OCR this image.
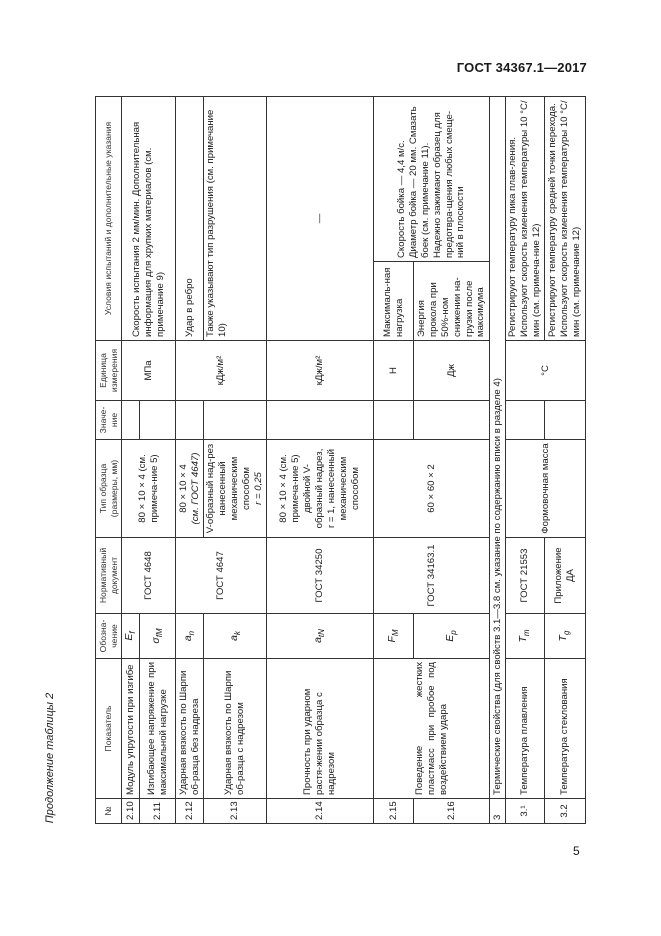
ГОСТ 34367.1—2017
Продолжение таблицы 2	№	Показатель	Обозна-чение	Нормативный документ	Тип образца (размеры, мм)	Значе-ние	Единица измерения	Условия испытаний и дополнительные указания	
2.10	Модуль упругости при изгибе	$E_f$	ГОСТ 4648	80 × 10 × 4 (см. примеча-ние 5)		МПа	Скорость испытания 2 мм/мин. Дополнительная информация для хрупких материалов (см. примечание 9)	
2.11	Изгибающее напряжение при максимальной нагрузке	$\sigma_{fM}$	
2.12	Ударная вязкость по Шарпи об-разца без надреза	$a_n$	ГОСТ 4647	80 × 10 × 4 (см. ГОСТ 4647)		кДж/м²	Удар в ребро	
2.13	Ударная вязкость по Шарпи об-разца с надрезом	$a_k$		V-образный над-рез нанесенный механическим способом r = 0,25			Также указывают тип разрушения (см. примечание 10)	
2.14	Прочность при ударном растя-жении образца с надрезом	$a_{tN}$	ГОСТ 34250	80 × 10 × 4 (см. примеча-ние 5) двойной V-образный надрез, r = 1, нанесенный механическим способом		кДж/м²	—	
2.15	Поведение жестких пластмасс при пробое под воздействием удара	$F_M$	ГОСТ 34163.1	60 × 60 × 2		Н	Максималь-ная нагрузка	Скорость бойка — 4,4 м/с. Диаметр бойка — 20 мм. Смазать боек (см. примечание 11). Надежно зажимают образец для предотвра-щения любых смеще-ний в плоскости
2.16		$E_p$				Дж	Энергия прокола при 50%-ном снижении на-грузки после максимума	
3	Термические свойства (для свойств 3.1—3.8 см. указание по содержанию вписи в разделе 4)							
3.¹	Температура плавления	$T_m$	ГОСТ 21553	Формовочная масса		°С	Регистрируют температуру пика плав-ления. Используют скорость изменения температуры 10 °С/мин (см. примеча-ние 12)	
3.2	Температура стеклования	$T_g$	Приложение ДА				Регистрируют температуру средней точки перехода. Используют скорость изменения температуры 10 °С/мин (см. примечание 12)	
5
